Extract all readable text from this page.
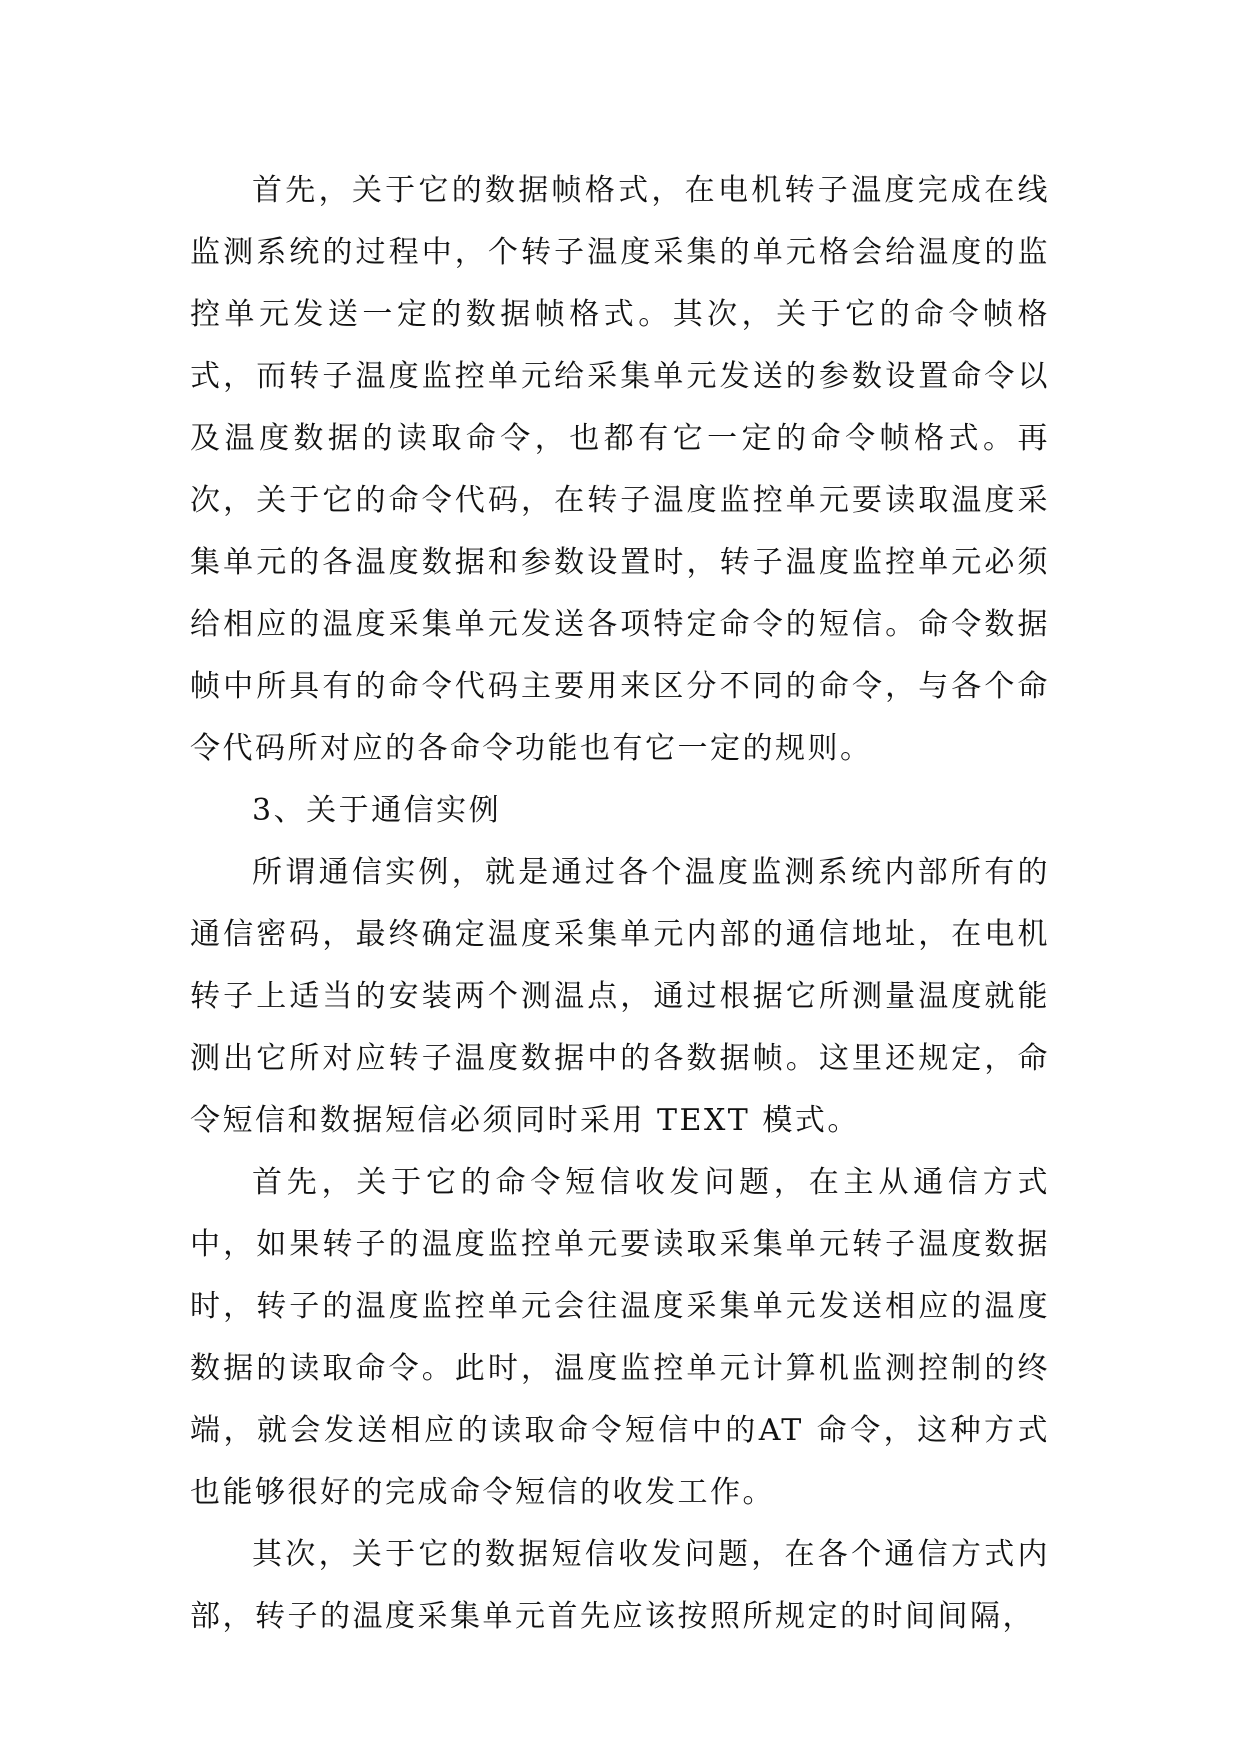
首先，关于它的数据帧格式，在电机转子温度完成在线监测系统的过程中，个转子温度采集的单元格会给温度的监控单元发送一定的数据帧格式。其次，关于它的命令帧格式，而转子温度监控单元给采集单元发送的参数设置命令以及温度数据的读取命令，也都有它一定的命令帧格式。再次，关于它的命令代码，在转子温度监控单元要读取温度采集单元的各温度数据和参数设置时，转子温度监控单元必须给相应的温度采集单元发送各项特定命令的短信。命令数据帧中所具有的命令代码主要用来区分不同的命令，与各个命令代码所对应的各命令功能也有它一定的规则。

3、关于通信实例

所谓通信实例，就是通过各个温度监测系统内部所有的通信密码，最终确定温度采集单元内部的通信地址，在电机转子上适当的安装两个测温点，通过根据它所测量温度就能测出它所对应转子温度数据中的各数据帧。这里还规定，命令短信和数据短信必须同时采用 TEXT 模式。

首先，关于它的命令短信收发问题，在主从通信方式中，如果转子的温度监控单元要读取采集单元转子温度数据时，转子的温度监控单元会往温度采集单元发送相应的温度数据的读取命令。此时，温度监控单元计算机监测控制的终端，就会发送相应的读取命令短信中的AT 命令，这种方式也能够很好的完成命令短信的收发工作。

其次，关于它的数据短信收发问题，在各个通信方式内部，转子的温度采集单元首先应该按照所规定的时间间隔，
